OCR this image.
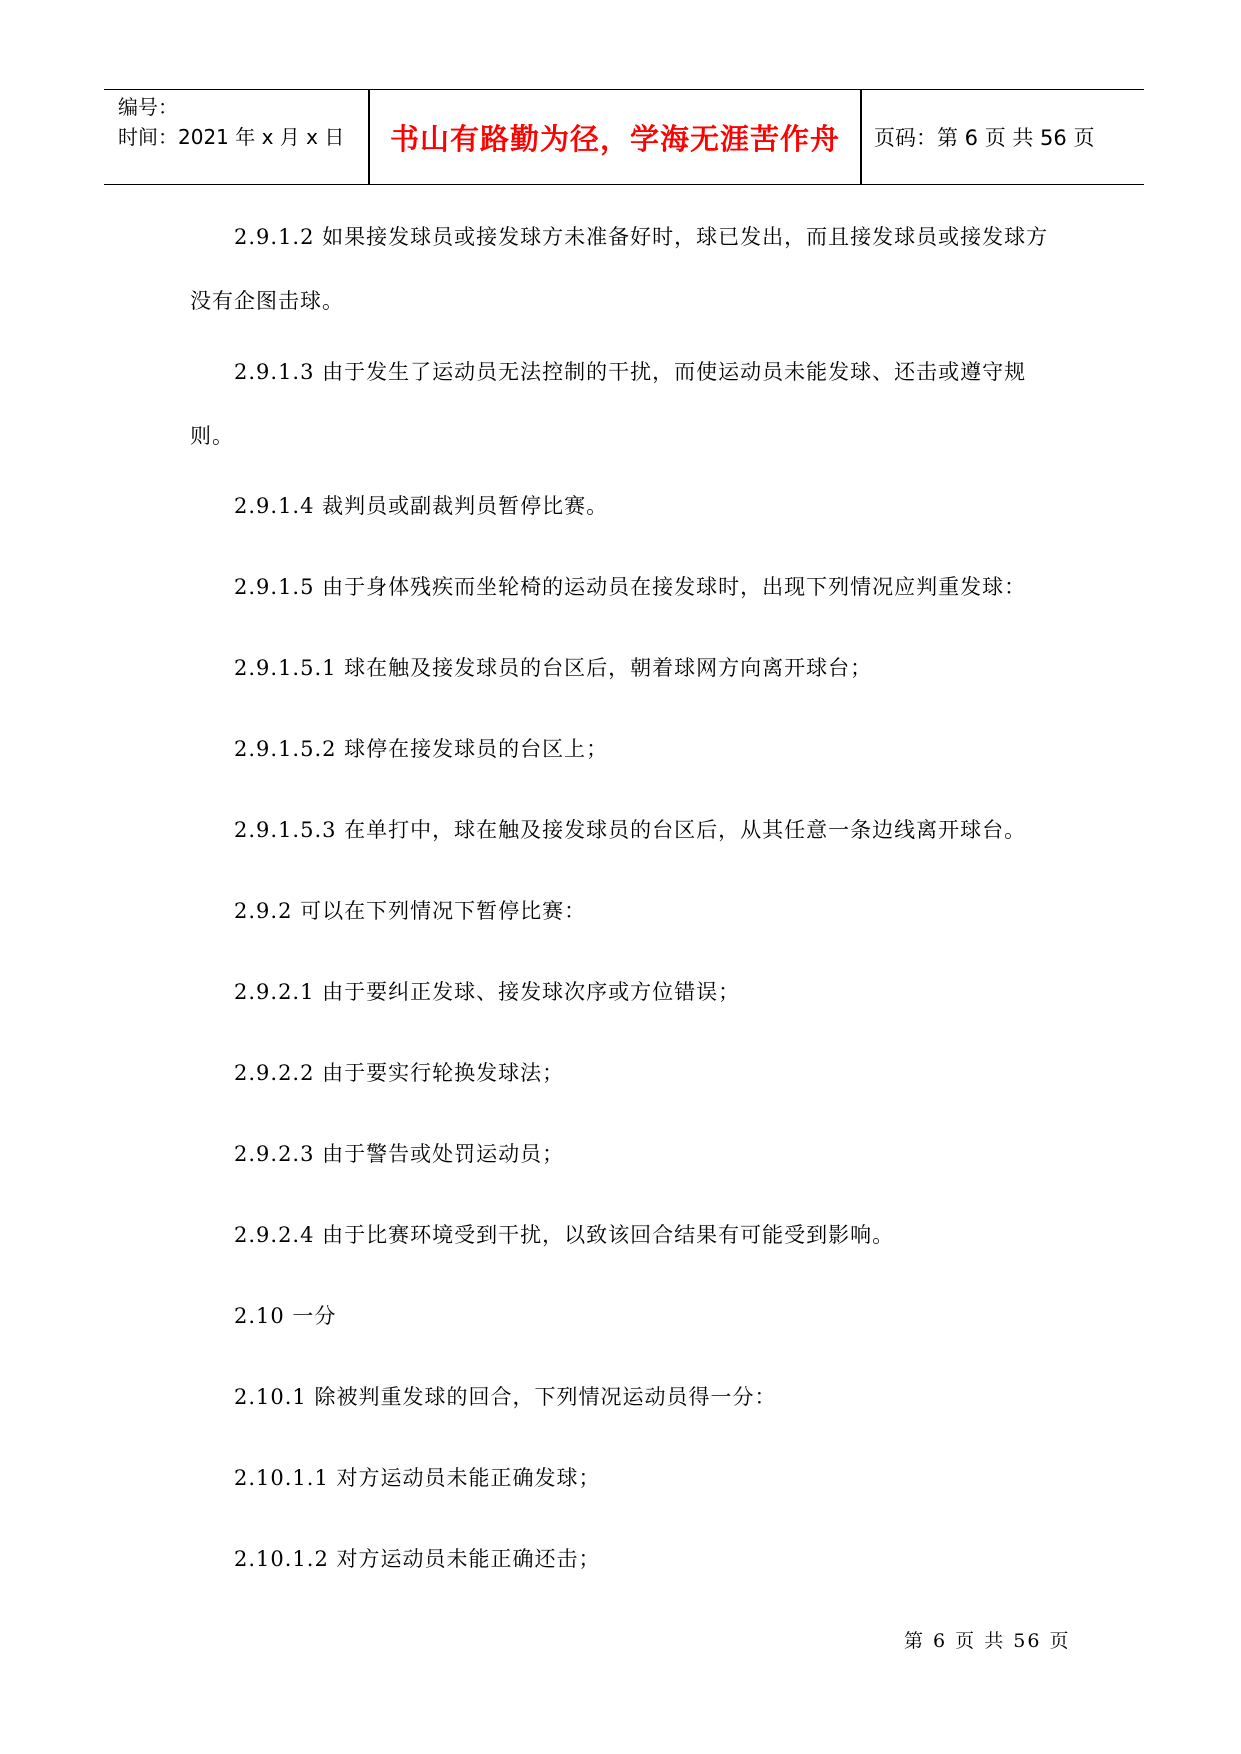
编号：
时间：2021 年 x 月 x 日	书山有路勤为径，学海无涯苦作舟	页码：第 6 页 共 56 页
2.9.1.2 如果接发球员或接发球方未准备好时，球已发出，而且接发球员或接发球方没有企图击球。
2.9.1.3 由于发生了运动员无法控制的干扰，而使运动员未能发球、还击或遵守规则。
2.9.1.4 裁判员或副裁判员暂停比赛。
2.9.1.5 由于身体残疾而坐轮椅的运动员在接发球时，出现下列情况应判重发球：
2.9.1.5.1 球在触及接发球员的台区后，朝着球网方向离开球台；
2.9.1.5.2 球停在接发球员的台区上；
2.9.1.5.3 在单打中，球在触及接发球员的台区后，从其任意一条边线离开球台。
2.9.2 可以在下列情况下暂停比赛：
2.9.2.1 由于要纠正发球、接发球次序或方位错误；
2.9.2.2 由于要实行轮换发球法；
2.9.2.3 由于警告或处罚运动员；
2.9.2.4 由于比赛环境受到干扰，以致该回合结果有可能受到影响。
2.10 一分
2.10.1 除被判重发球的回合，下列情况运动员得一分：
2.10.1.1 对方运动员未能正确发球；
2.10.1.2 对方运动员未能正确还击；
第 6 页 共 56 页
